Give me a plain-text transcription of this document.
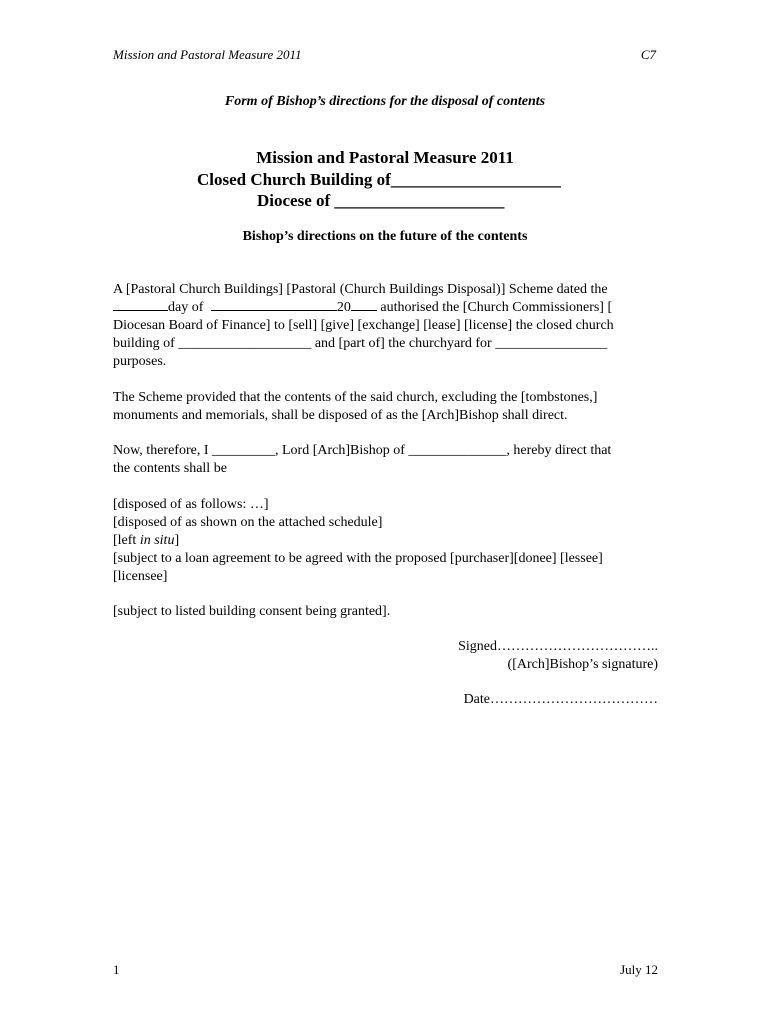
Mission and Pastoral Measure 2011	C7
Form of Bishop’s directions for the disposal of contents
Mission and Pastoral Measure 2011
Closed Church Building of____________________
Diocese of ____________________
Bishop’s directions on the future of the contents
A [Pastoral Church Buildings] [Pastoral (Church Buildings Disposal)] Scheme dated the
day of	20 authorised the [Church Commissioners] [
Diocesan Board of Finance] to [sell] [give] [exchange] [lease] [license] the closed church
building of ___________________ and [part of] the churchyard for ________________
purposes.
The Scheme provided that the contents of the said church, excluding the [tombstones,]
monuments and memorials, shall be disposed of as the [Arch]Bishop shall direct.
Now, therefore, I _________, Lord [Arch]Bishop of ______________, hereby direct that
the contents shall be
[disposed of as follows: …]
[disposed of as shown on the attached schedule]
[left in situ]
[subject to a loan agreement to be agreed with the proposed [purchaser][donee] [lessee]
[licensee]
[subject to listed building consent being granted].
Signed……………………………..
([Arch]Bishop’s signature)
Date………………………………
1	July 12
